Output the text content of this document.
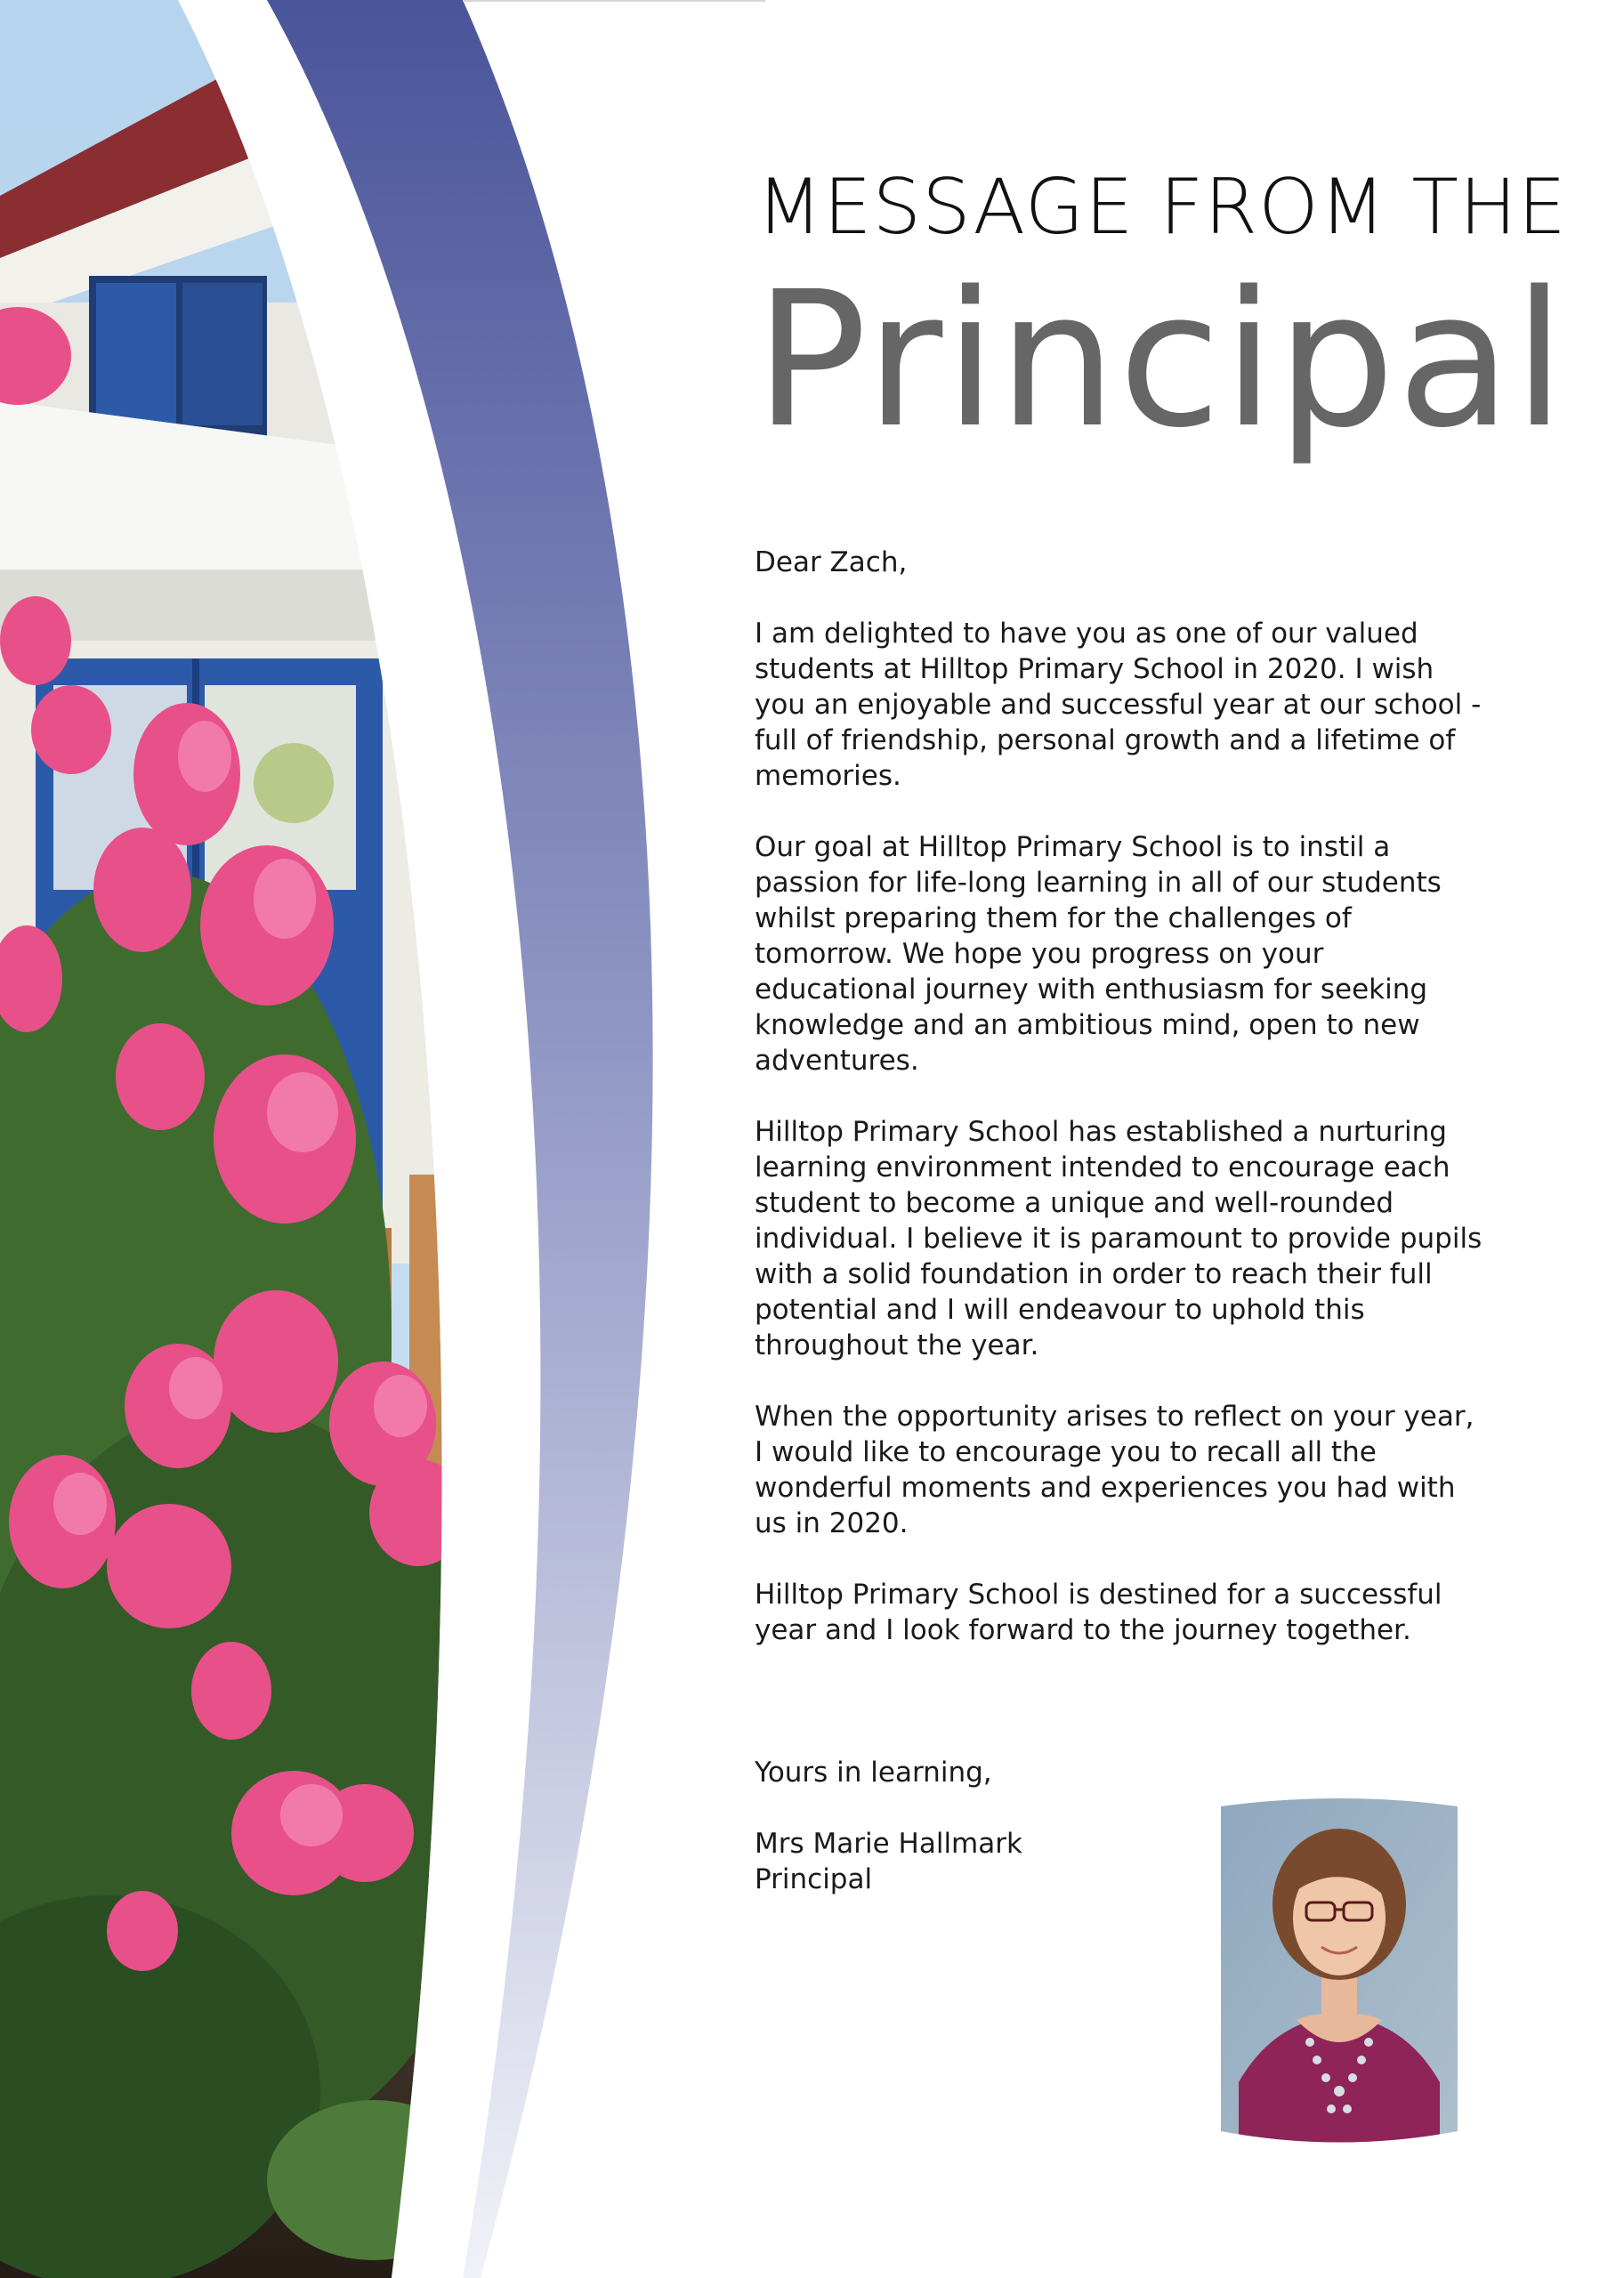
MESSAGE FROM THE
Principal

Dear Zach,

I am delighted to have you as one of our valued students at Hilltop Primary School in 2020. I wish you an enjoyable and successful year at our school - full of friendship, personal growth and a lifetime of memories.

Our goal at Hilltop Primary School is to instil a passion for life-long learning in all of our students whilst preparing them for the challenges of tomorrow. We hope you progress on your educational journey with enthusiasm for seeking knowledge and an ambitious mind, open to new adventures.

Hilltop Primary School has established a nurturing learning environment intended to encourage each student to become a unique and well-rounded individual. I believe it is paramount to provide pupils with a solid foundation in order to reach their full potential and I will endeavour to uphold this throughout the year.

When the opportunity arises to reflect on your year, I would like to encourage you to recall all the wonderful moments and experiences you had with us in 2020.

Hilltop Primary School is destined for a successful year and I look forward to the journey together.

Yours in learning,

Mrs Marie Hallmark
Principal
